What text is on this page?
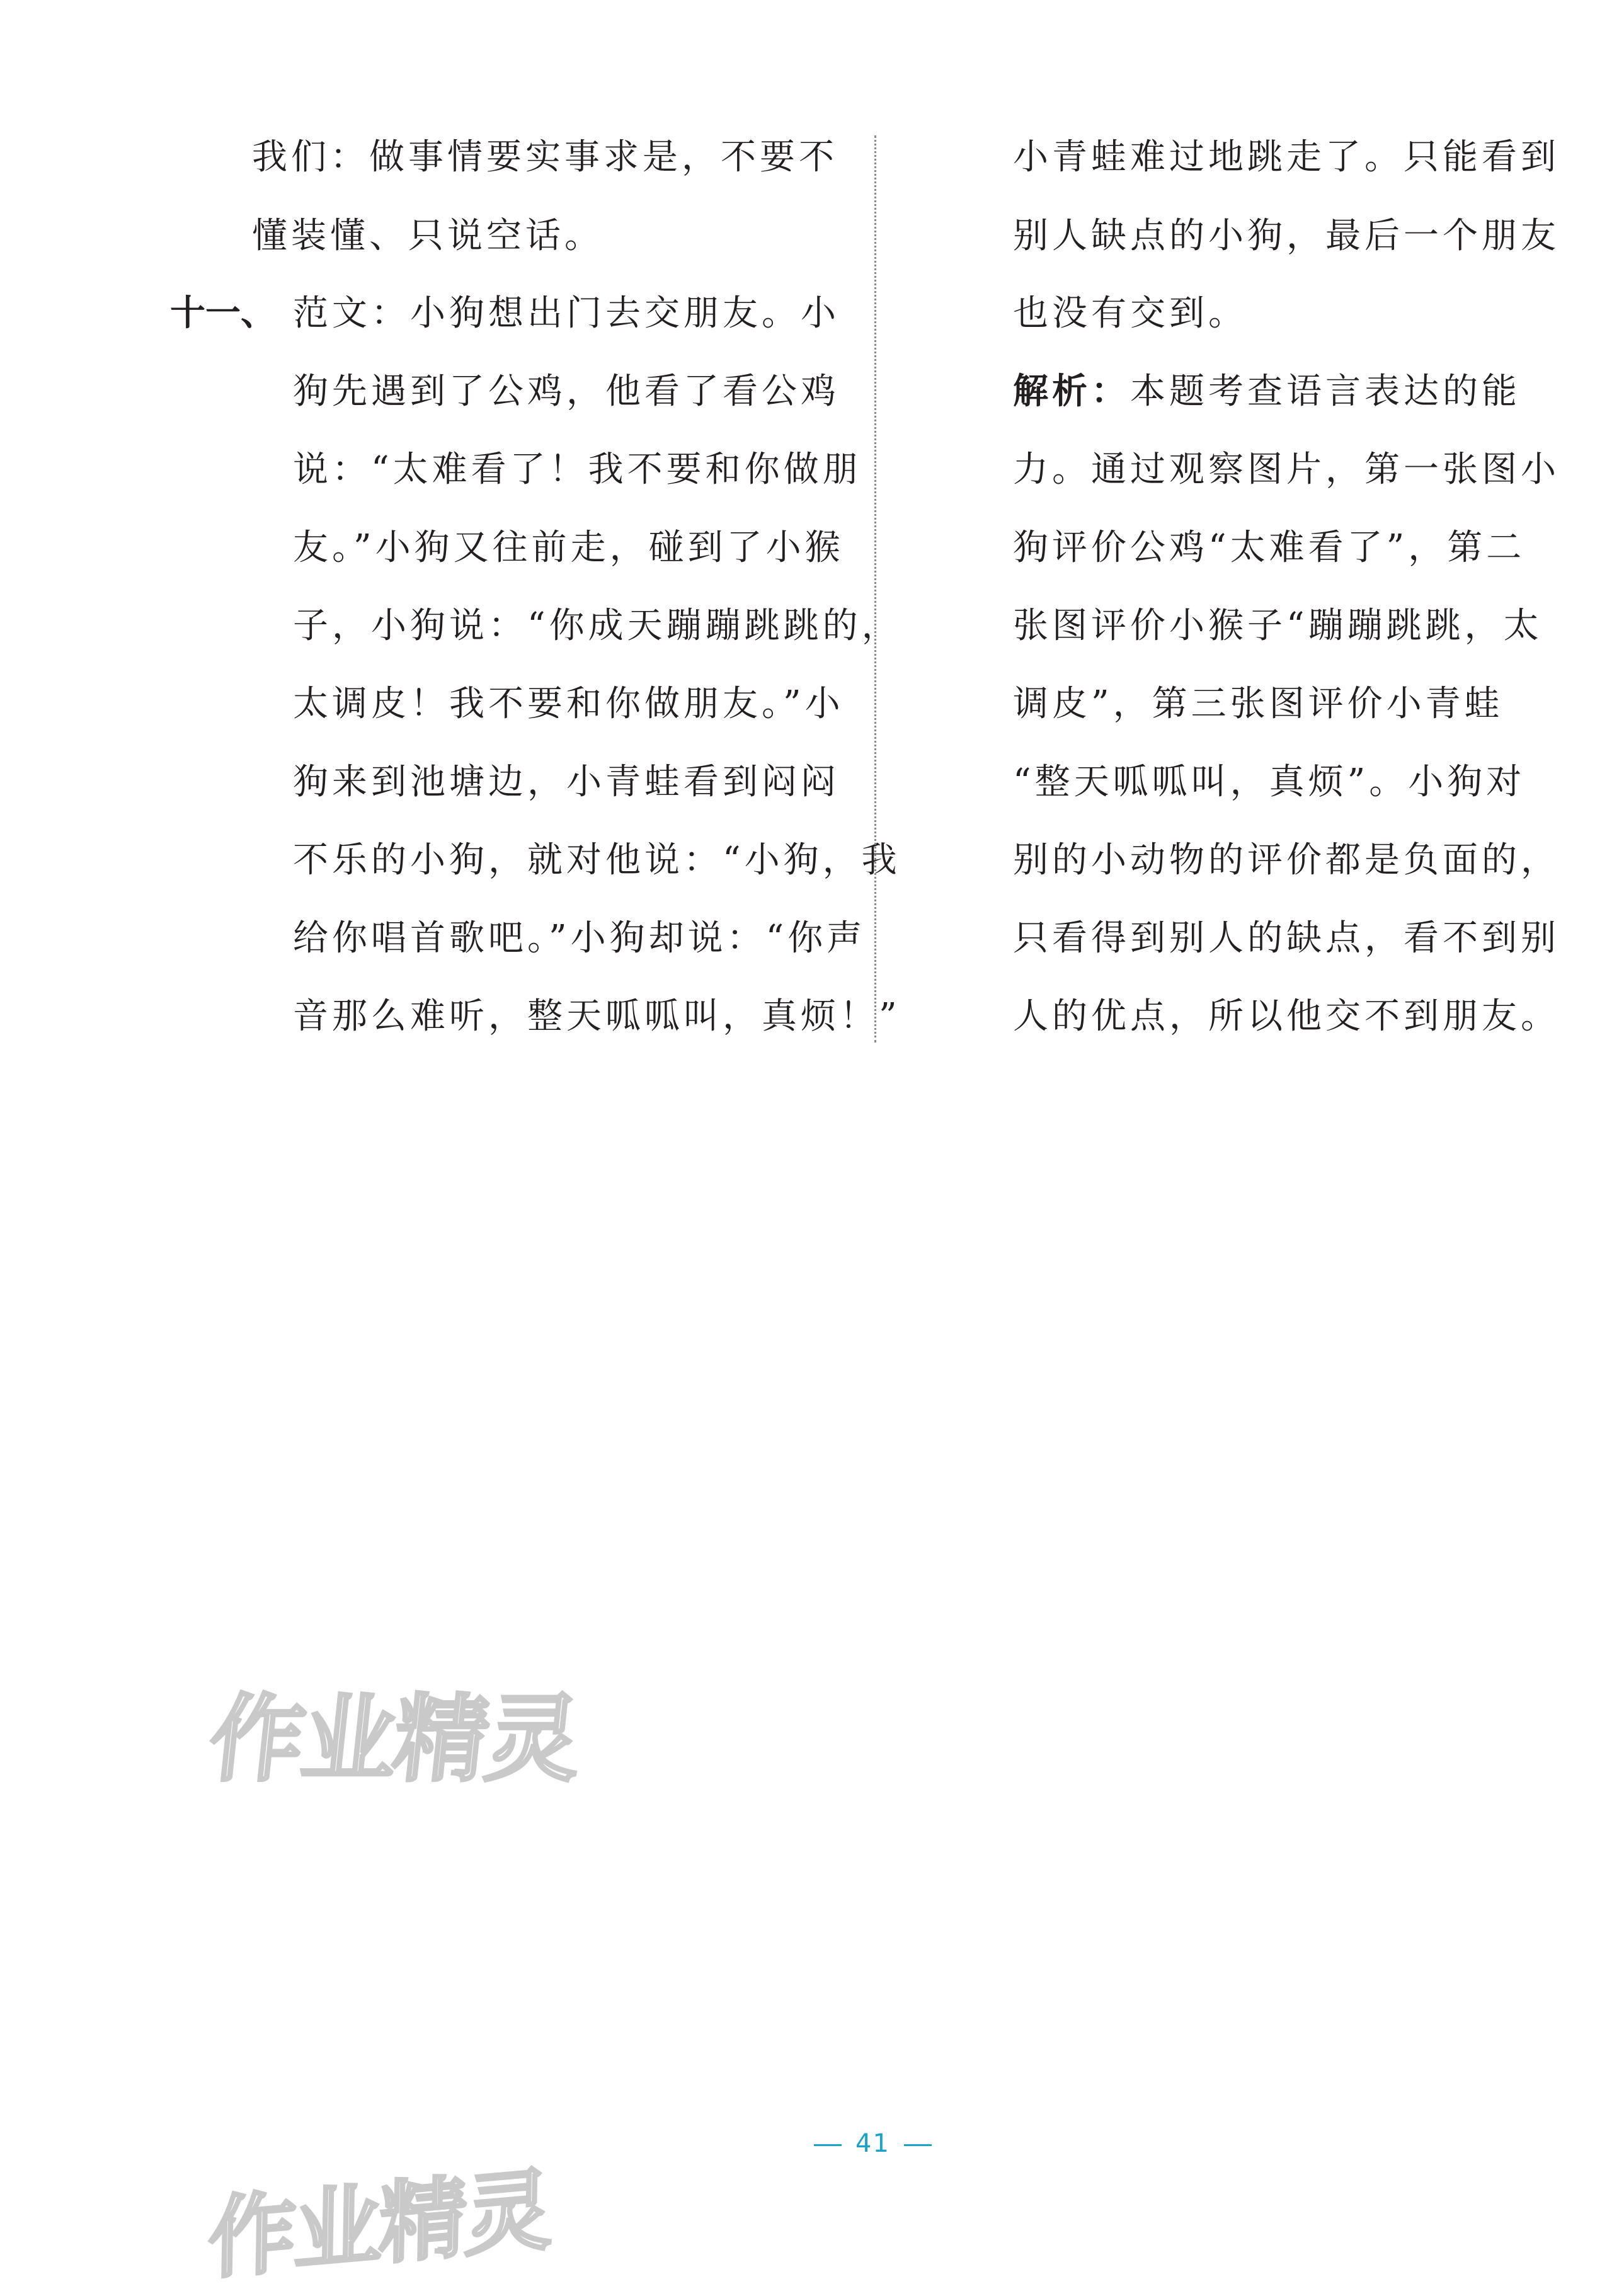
我们：做事情要实事求是，不要不
懂装懂、只说空话。
十一、 范文：小狗想出门去交朋友。小
狗先遇到了公鸡，他看了看公鸡
说：“太难看了！我不要和你做朋
友。”小狗又往前走，碰到了小猴
子，小狗说：“你成天蹦蹦跳跳的，
太调皮！我不要和你做朋友。”小
狗来到池塘边，小青蛙看到闷闷
不乐的小狗，就对他说：“小狗，我
给你唱首歌吧。”小狗却说：“你声
音那么难听，整天呱呱叫，真烦！”
小青蛙难过地跳走了。只能看到
别人缺点的小狗，最后一个朋友
也没有交到。
解析：本题考查语言表达的能
力。通过观察图片，第一张图小
狗评价公鸡“太难看了”，第二
张图评价小猴子“蹦蹦跳跳，太
调皮”，第三张图评价小青蛙
“整天呱呱叫，真烦”。小狗对
别的小动物的评价都是负面的，
只看得到别人的缺点，看不到别
人的优点，所以他交不到朋友。
作业精灵
作业精灵
41
